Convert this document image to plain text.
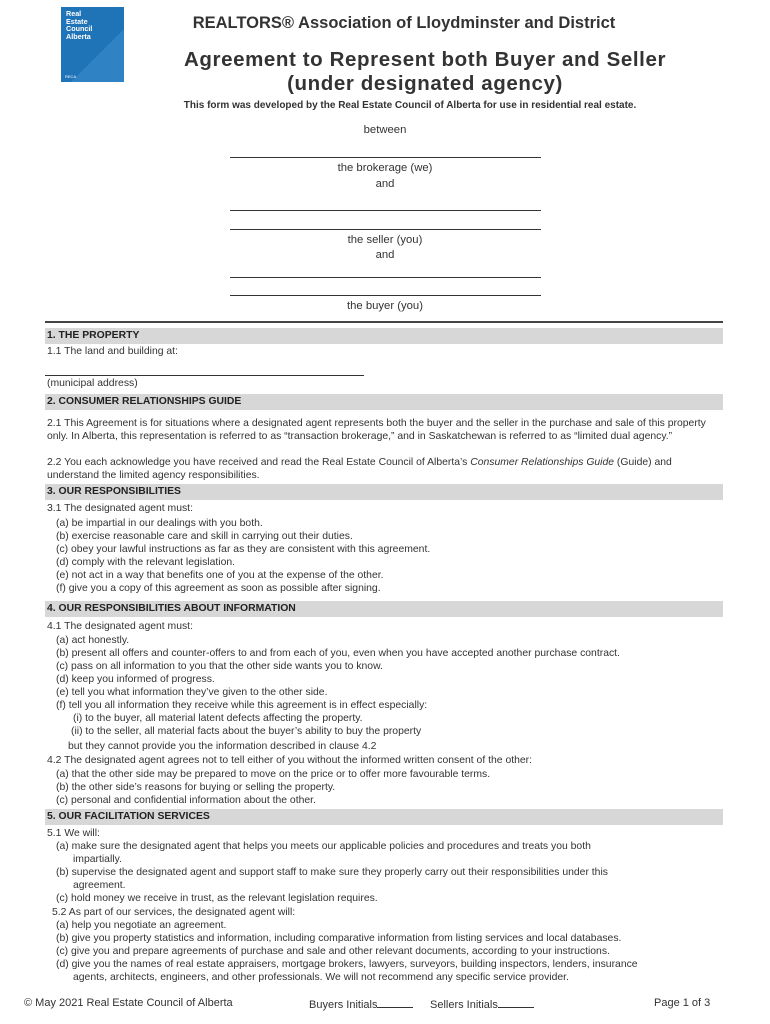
Real
Estate
Council
Alberta
RECA
REALTORS® Association of Lloydminster and District
Agreement to Represent both Buyer and Seller
(under designated agency)
This form was developed by the Real Estate Council of Alberta for use in residential real estate.
between
the brokerage (we)
and
the seller (you)
and
the buyer (you)
1. THE PROPERTY
1.1 The land and building at:
(municipal address)
2. CONSUMER RELATIONSHIPS GUIDE
2.1 This Agreement is for situations where a designated agent represents both the buyer and the seller in the purchase and sale of this property only. In Alberta, this representation is referred to as “transaction brokerage,” and in Saskatchewan is referred to as “limited dual agency.”
2.2 You each acknowledge you have received and read the Real Estate Council of Alberta’s Consumer Relationships Guide (Guide) and understand the limited agency responsibilities.
3. OUR RESPONSIBILITIES
3.1 The designated agent must:
(a) be impartial in our dealings with you both.
(b) exercise reasonable care and skill in carrying out their duties.
(c) obey your lawful instructions as far as they are consistent with this agreement.
(d) comply with the relevant legislation.
(e) not act in a way that benefits one of you at the expense of the other.
(f) give you a copy of this agreement as soon as possible after signing.
4. OUR RESPONSIBILITIES ABOUT INFORMATION
4.1 The designated agent must:
(a) act honestly.
(b) present all offers and counter-offers to and from each of you, even when you have accepted another purchase contract.
(c) pass on all information to you that the other side wants you to know.
(d) keep you informed of progress.
(e) tell you what information they’ve given to the other side.
(f) tell you all information they receive while this agreement is in effect especially:
(i) to the buyer, all material latent defects affecting the property.
(ii) to the seller, all material facts about the buyer’s ability to buy the property
but they cannot provide you the information described in clause 4.2
4.2 The designated agent agrees not to tell either of you without the informed written consent of the other:
(a) that the other side may be prepared to move on the price or to offer more favourable terms.
(b) the other side’s reasons for buying or selling the property.
(c) personal and confidential information about the other.
5. OUR FACILITATION SERVICES
5.1 We will:
(a) make sure the designated agent that helps you meets our applicable policies and procedures and treats you both
impartially.
(b) supervise the designated agent and support staff to make sure they properly carry out their responsibilities under this
agreement.
(c) hold money we receive in trust, as the relevant legislation requires.
5.2 As part of our services, the designated agent will:
(a) help you negotiate an agreement.
(b) give you property statistics and information, including comparative information from listing services and local databases.
(c) give you and prepare agreements of purchase and sale and other relevant documents, according to your instructions.
(d) give you the names of real estate appraisers, mortgage brokers, lawyers, surveyors, building inspectors, lenders, insurance
agents, architects, engineers, and other professionals. We will not recommend any specific service provider.
© May 2021 Real Estate Council of Alberta	Buyers Initials	Sellers Initials	Page 1 of 3
